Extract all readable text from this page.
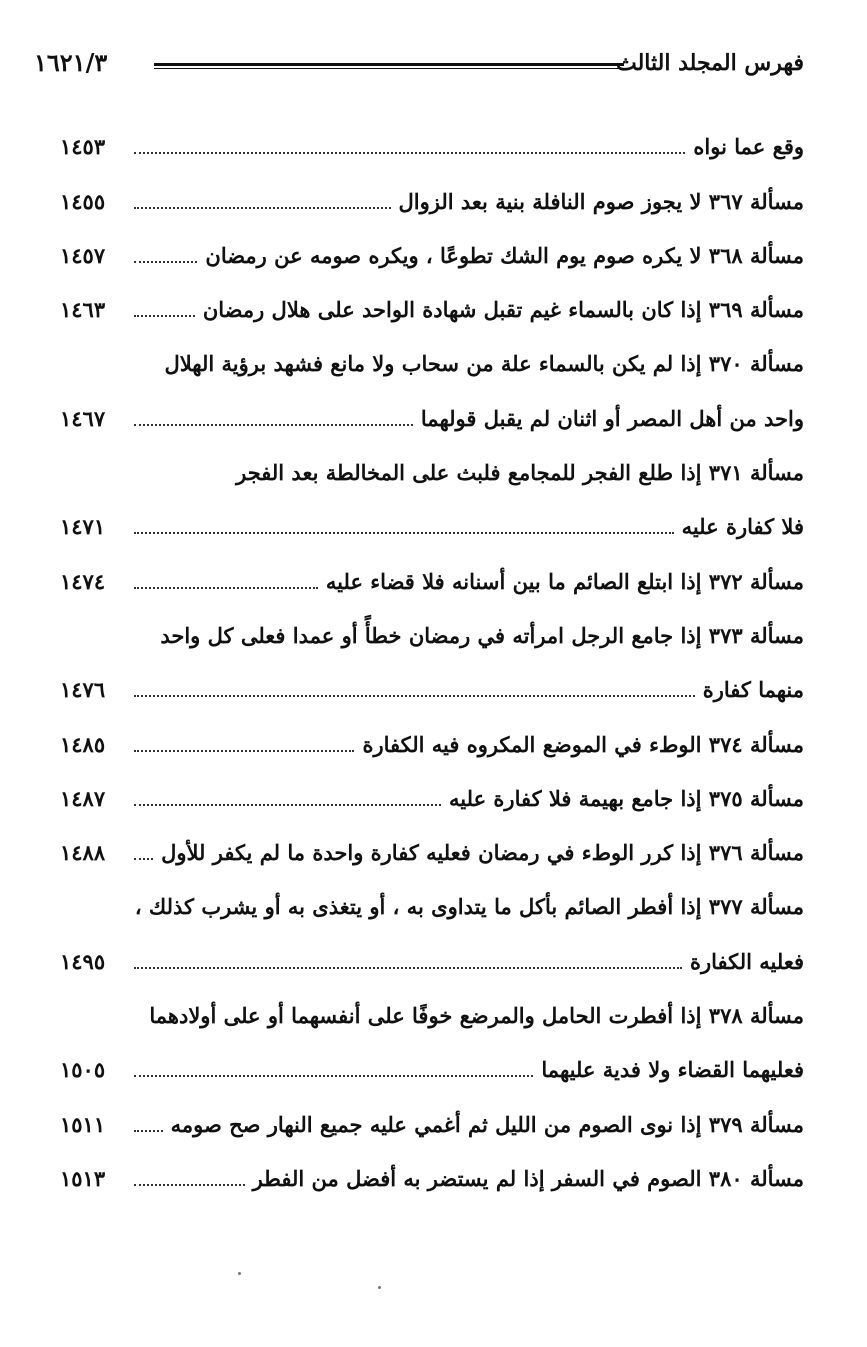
فهرس المجلد الثالث
١٦٢١/٣
وقع عما نواه
١٤٥٣
مسألة ٣٦٧ لا يجوز صوم النافلة بنية بعد الزوال
١٤٥٥
مسألة ٣٦٨ لا يكره صوم يوم الشك تطوعًا ، ويكره صومه عن رمضان
١٤٥٧
مسألة ٣٦٩ إذا كان بالسماء غيم تقبل شهادة الواحد على هلال رمضان
١٤٦٣
مسألة ٣٧٠ إذا لم يكن بالسماء علة من سحاب ولا مانع فشهد برؤية الهلال
واحد من أهل المصر أو اثنان لم يقبل قولهما
١٤٦٧
مسألة ٣٧١ إذا طلع الفجر للمجامع فلبث على المخالطة بعد الفجر
فلا كفارة عليه
١٤٧١
مسألة ٣٧٢ إذا ابتلع الصائم ما بين أسنانه فلا قضاء عليه
١٤٧٤
مسألة ٣٧٣ إذا جامع الرجل امرأته في رمضان خطأً أو عمدا فعلى كل واحد
منهما كفارة
١٤٧٦
مسألة ٣٧٤ الوطء في الموضع المكروه فيه الكفارة
١٤٨٥
مسألة ٣٧٥ إذا جامع بهيمة فلا كفارة عليه
١٤٨٧
مسألة ٣٧٦ إذا كرر الوطء في رمضان فعليه كفارة واحدة ما لم يكفر للأول
١٤٨٨
مسألة ٣٧٧ إذا أفطر الصائم بأكل ما يتداوى به ، أو يتغذى به أو يشرب كذلك ،
فعليه الكفارة
١٤٩٥
مسألة ٣٧٨ إذا أفطرت الحامل والمرضع خوفًا على أنفسهما أو على أولادهما
فعليهما القضاء ولا فدية عليهما
١٥٠٥
مسألة ٣٧٩ إذا نوى الصوم من الليل ثم أغمي عليه جميع النهار صح صومه
١٥١١
مسألة ٣٨٠ الصوم في السفر إذا لم يستضر به أفضل من الفطر
١٥١٣
